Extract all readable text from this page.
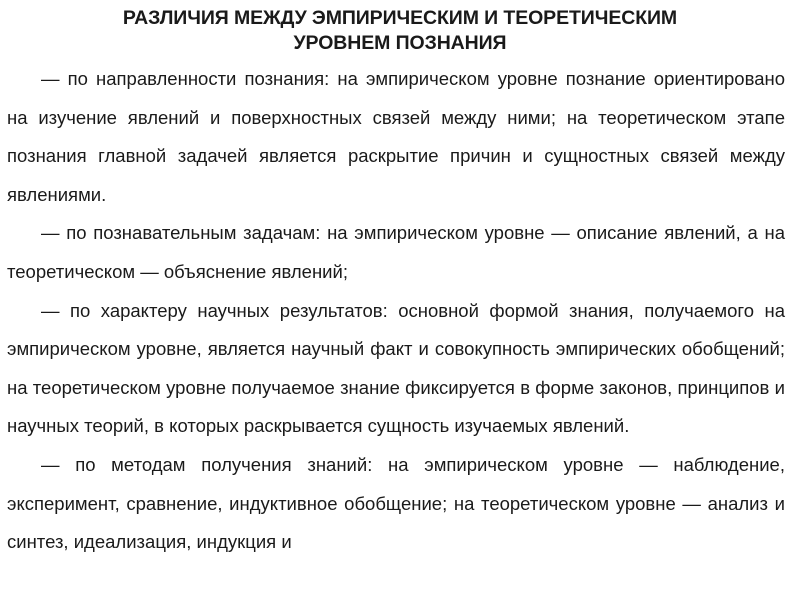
РАЗЛИЧИЯ МЕЖДУ ЭМПИРИЧЕСКИМ И ТЕОРЕТИЧЕСКИМ
УРОВНЕМ ПОЗНАНИЯ

— по направленности познания: на эмпирическом уровне познание ориентировано на изучение явлений и поверхностных связей между ними; на теоретическом этапе познания главной задачей является раскрытие причин и сущностных связей между явлениями.

— по познавательным задачам: на эмпирическом уровне — описание явлений, а на теоретическом — объяснение явлений;

— по характеру научных результатов: основной формой знания, получаемого на эмпирическом уровне, является научный факт и совокупность эмпирических обобщений; на теоретическом уровне получаемое знание фиксируется в форме законов, принципов и научных теорий, в которых раскрывается сущность изучаемых явлений.

— по методам получения знаний: на эмпирическом уровне — наблюдение, эксперимент, сравнение, индуктивное обобщение; на теоретическом уровне — анализ и синтез, идеализация, индукция и
